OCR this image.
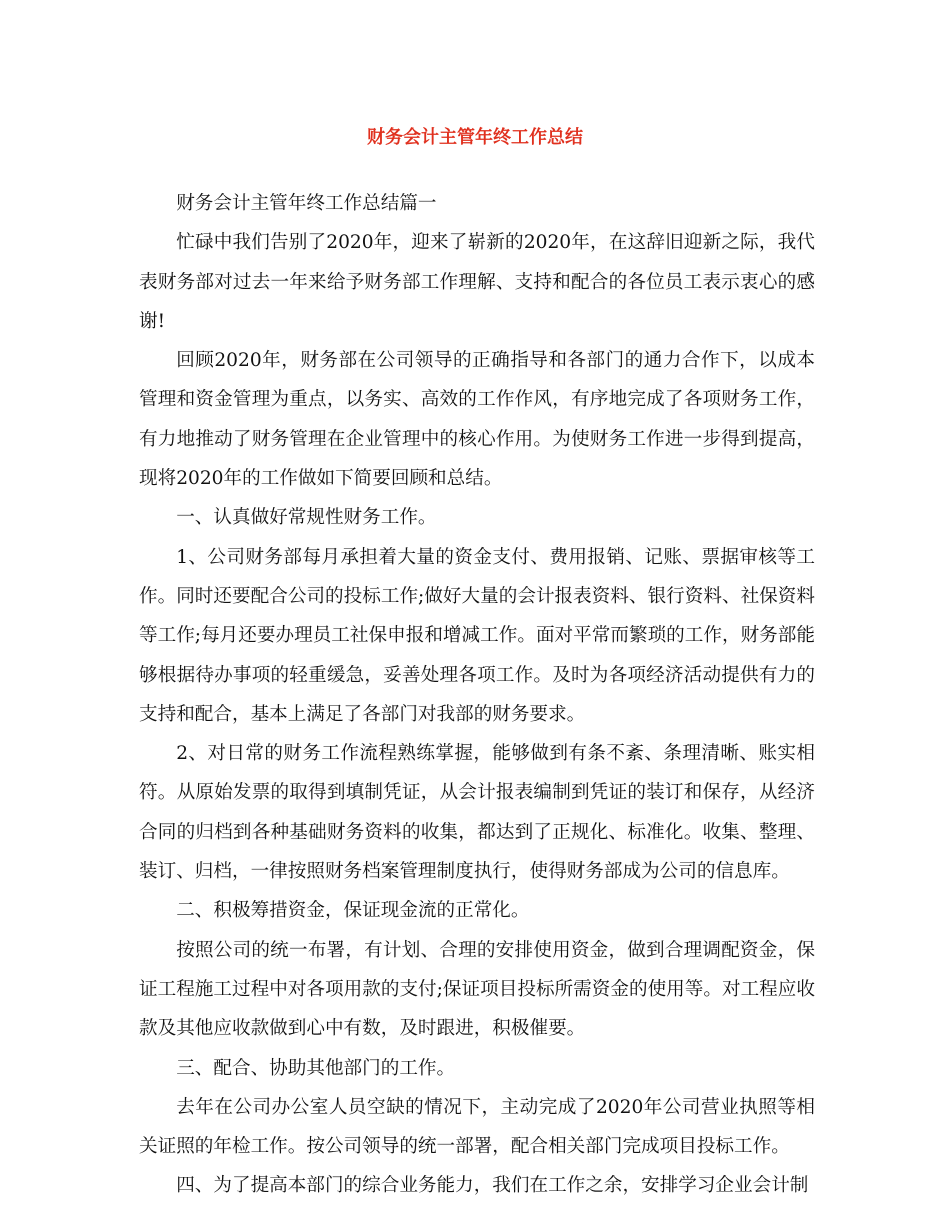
财务会计主管年终工作总结

财务会计主管年终工作总结篇一

忙碌中我们告别了2020年，迎来了崭新的2020年，在这辞旧迎新之际，我代表财务部对过去一年来给予财务部工作理解、支持和配合的各位员工表示衷心的感谢!

回顾2020年，财务部在公司领导的正确指导和各部门的通力合作下，以成本管理和资金管理为重点，以务实、高效的工作作风，有序地完成了各项财务工作，有力地推动了财务管理在企业管理中的核心作用。为使财务工作进一步得到提高，现将2020年的工作做如下简要回顾和总结。

一、认真做好常规性财务工作。

1、公司财务部每月承担着大量的资金支付、费用报销、记账、票据审核等工作。同时还要配合公司的投标工作;做好大量的会计报表资料、银行资料、社保资料等工作;每月还要办理员工社保申报和增减工作。面对平常而繁琐的工作，财务部能够根据待办事项的轻重缓急，妥善处理各项工作。及时为各项经济活动提供有力的支持和配合，基本上满足了各部门对我部的财务要求。

2、对日常的财务工作流程熟练掌握，能够做到有条不紊、条理清晰、账实相符。从原始发票的取得到填制凭证，从会计报表编制到凭证的装订和保存，从经济合同的归档到各种基础财务资料的收集，都达到了正规化、标准化。收集、整理、装订、归档，一律按照财务档案管理制度执行，使得财务部成为公司的信息库。

二、积极筹措资金，保证现金流的正常化。

按照公司的统一布署，有计划、合理的安排使用资金，做到合理调配资金，保证工程施工过程中对各项用款的支付;保证项目投标所需资金的使用等。对工程应收款及其他应收款做到心中有数，及时跟进，积极催要。

三、配合、协助其他部门的工作。

去年在公司办公室人员空缺的情况下，主动完成了2020年公司营业执照等相关证照的年检工作。按公司领导的统一部署，配合相关部门完成项目投标工作。

四、为了提高本部门的综合业务能力，我们在工作之余，安排学习企业会计制
